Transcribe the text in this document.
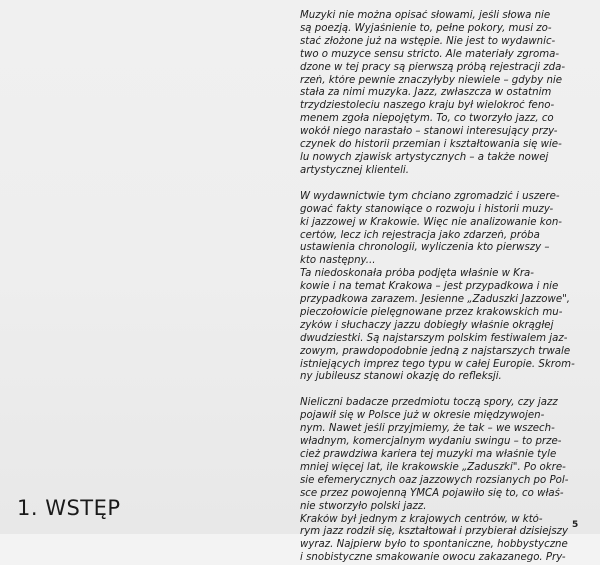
Muzyki nie można opisać słowami, jeśli słowa nie
są poezją. Wyjaśnienie to, pełne pokory, musi zo-
stać złożone już na wstępie. Nie jest to wydawnic-
two o muzyce sensu stricto. Ale materiały zgroma-
dzone w tej pracy są pierwszą próbą rejestracji zda-
rzeń, które pewnie znaczyłyby niewiele – gdyby nie
stała za nimi muzyka. Jazz, zwłaszcza w ostatnim
trzydziestoleciu naszego kraju był wielokroć feno-
menem zgoła niepojętym. To, co tworzyło jazz, co
wokół niego narastało – stanowi interesujący przy-
czynek do historii przemian i kształtowania się wie-
lu nowych zjawisk artystycznych – a także nowej
artystycznej klienteli.

W wydawnictwie tym chciano zgromadzić i uszere-
gować fakty stanowiące o rozwoju i historii muzy-
ki jazzowej w Krakowie. Więc nie analizowanie kon-
certów, lecz ich rejestracja jako zdarzeń, próba
ustawienia chronologii, wyliczenia kto pierwszy –
kto następny...
Ta niedoskonała próba podjęta właśnie w Kra-
kowie i na temat Krakowa – jest przypadkowa i nie
przypadkowa zarazem. Jesienne „Zaduszki Jazzowe",
pieczołowicie pielęgnowane przez krakowskich mu-
zyków i słuchaczy jazzu dobiegły właśnie okrągłej
dwudziestki. Są najstarszym polskim festiwalem jaz-
zowym, prawdopodobnie jedną z najstarszych trwale
istniejących imprez tego typu w całej Europie. Skrom-
ny jubileusz stanowi okazję do refleksji.

Nieliczni badacze przedmiotu toczą spory, czy jazz
pojawił się w Polsce już w okresie międzywojen-
nym. Nawet jeśli przyjmiemy, że tak – we wszech-
władnym, komercjalnym wydaniu swingu – to prze-
cież prawdziwa kariera tej muzyki ma właśnie tyle
mniej więcej lat, ile krakowskie „Zaduszki". Po okre-
sie efemerycznych oaz jazzowych rozsianych po Pol-
sce przez powojenną YMCA pojawiło się to, co właś-
nie stworzyło polski jazz.
Kraków był jednym z krajowych centrów, w któ-
rym jazz rodził się, kształtował i przybierał dzisiejszy
wyraz. Najpierw było to spontaniczne, hobbystyczne
i snobistyczne smakowanie owocu zakazanego. Pry-

1. WSTĘP
5
